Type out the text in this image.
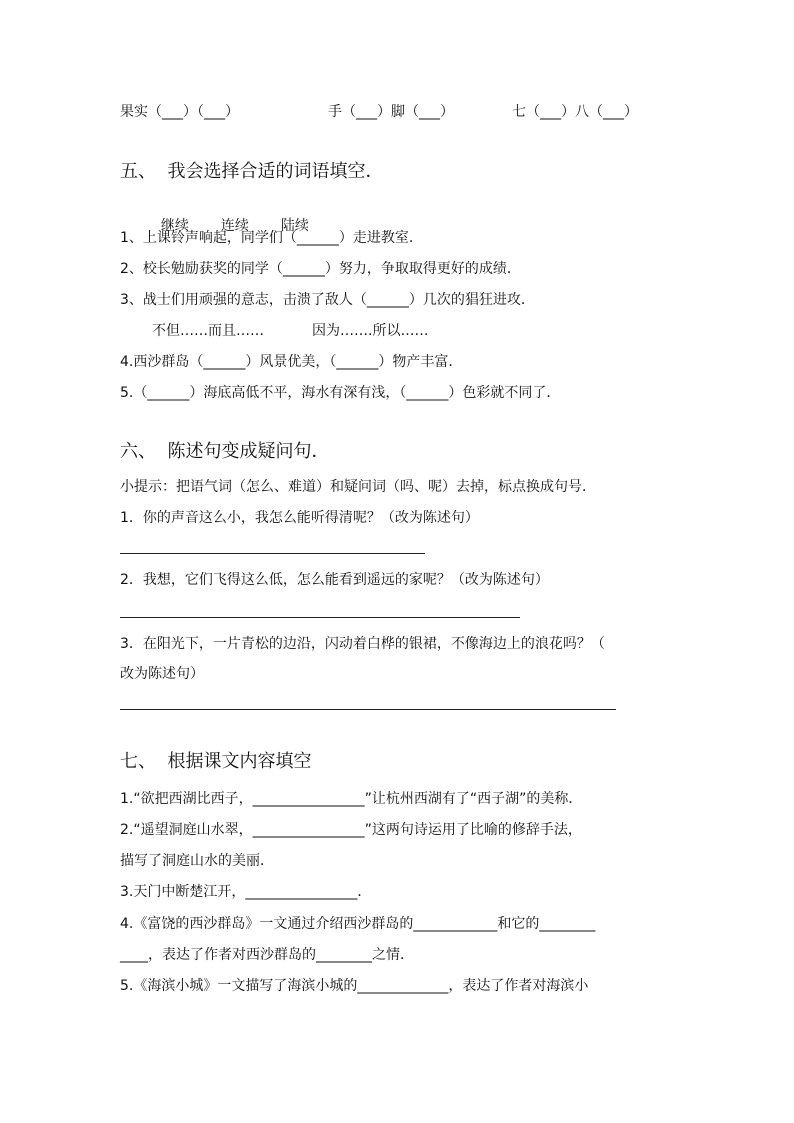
果实（___）（___）	手（___）脚（___）	七（___）八（___）
五、  我会选择合适的词语填空．

继续 连续 陆续

1、上课铃声响起，同学们（______）走进教室．
2、校长勉励获奖的同学（______）努力，争取取得更好的成绩．
3、战士们用顽强的意志，击溃了敌人（______）几次的猖狂进攻．
不但……而且……	因为…….所以……
4.西沙群岛（______）风景优美，（______）物产丰富．
5.（______）海底高低不平，海水有深有浅，（______）色彩就不同了．
六、  陈述句变成疑问句．
小提示：把语气词（怎么、难道）和疑问词（吗、呢）去掉，标点换成句号．
1．你的声音这么小，我怎么能听得清呢？（改为陈述句）
2．我想，它们飞得这么低，怎么能看到遥远的家呢？（改为陈述句）
3．在阳光下，一片青松的边沿，闪动着白桦的银裙，不像海边上的浪花吗？（
改为陈述句）
七、  根据课文内容填空
1.“欲把西湖比西子，________________”让杭州西湖有了“西子湖”的美称．
2.“遥望洞庭山水翠，________________”这两句诗运用了比喻的修辞手法，
描写了洞庭山水的美丽．
3.天门中断楚江开，________________．
4.《富饶的西沙群岛》一文通过介绍西沙群岛的____________和它的________
____，表达了作者对西沙群岛的________之情．
5.《海滨小城》一文描写了海滨小城的_____________，表达了作者对海滨小
